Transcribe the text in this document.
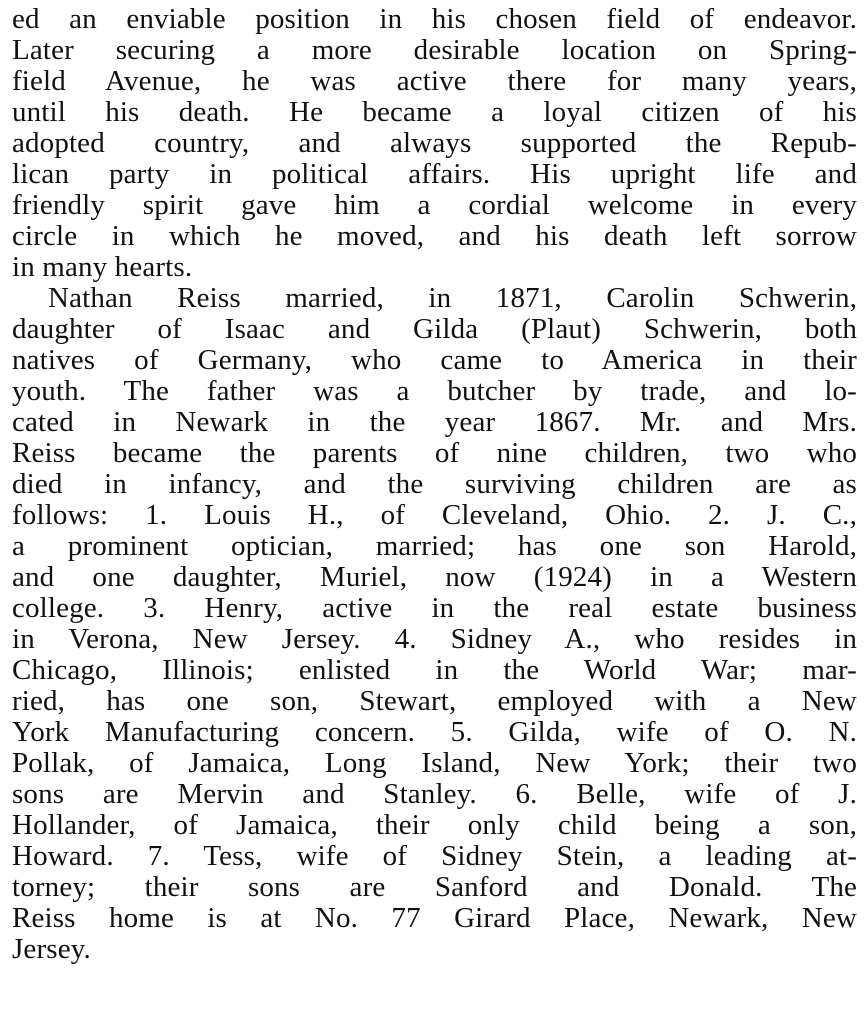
ed an enviable position in his chosen field of endeavor.
Later securing a more desirable location on Spring-
field Avenue, he was active there for many years,
until his death. He became a loyal citizen of his
adopted country, and always supported the Repub-
lican party in political affairs. His upright life and
friendly spirit gave him a cordial welcome in every
circle in which he moved, and his death left sorrow
in many hearts.
Nathan Reiss married, in 1871, Carolin Schwerin,
daughter of Isaac and Gilda (Plaut) Schwerin, both
natives of Germany, who came to America in their
youth. The father was a butcher by trade, and lo-
cated in Newark in the year 1867. Mr. and Mrs.
Reiss became the parents of nine children, two who
died in infancy, and the surviving children are as
follows: 1. Louis H., of Cleveland, Ohio. 2. J. C.,
a prominent optician, married; has one son Harold,
and one daughter, Muriel, now (1924) in a Western
college. 3. Henry, active in the real estate business
in Verona, New Jersey. 4. Sidney A., who resides in
Chicago, Illinois; enlisted in the World War; mar-
ried, has one son, Stewart, employed with a New
York Manufacturing concern. 5. Gilda, wife of O. N.
Pollak, of Jamaica, Long Island, New York; their two
sons are Mervin and Stanley. 6. Belle, wife of J.
Hollander, of Jamaica, their only child being a son,
Howard. 7. Tess, wife of Sidney Stein, a leading at-
torney; their sons are Sanford and Donald. The
Reiss home is at No. 77 Girard Place, Newark, New
Jersey.
